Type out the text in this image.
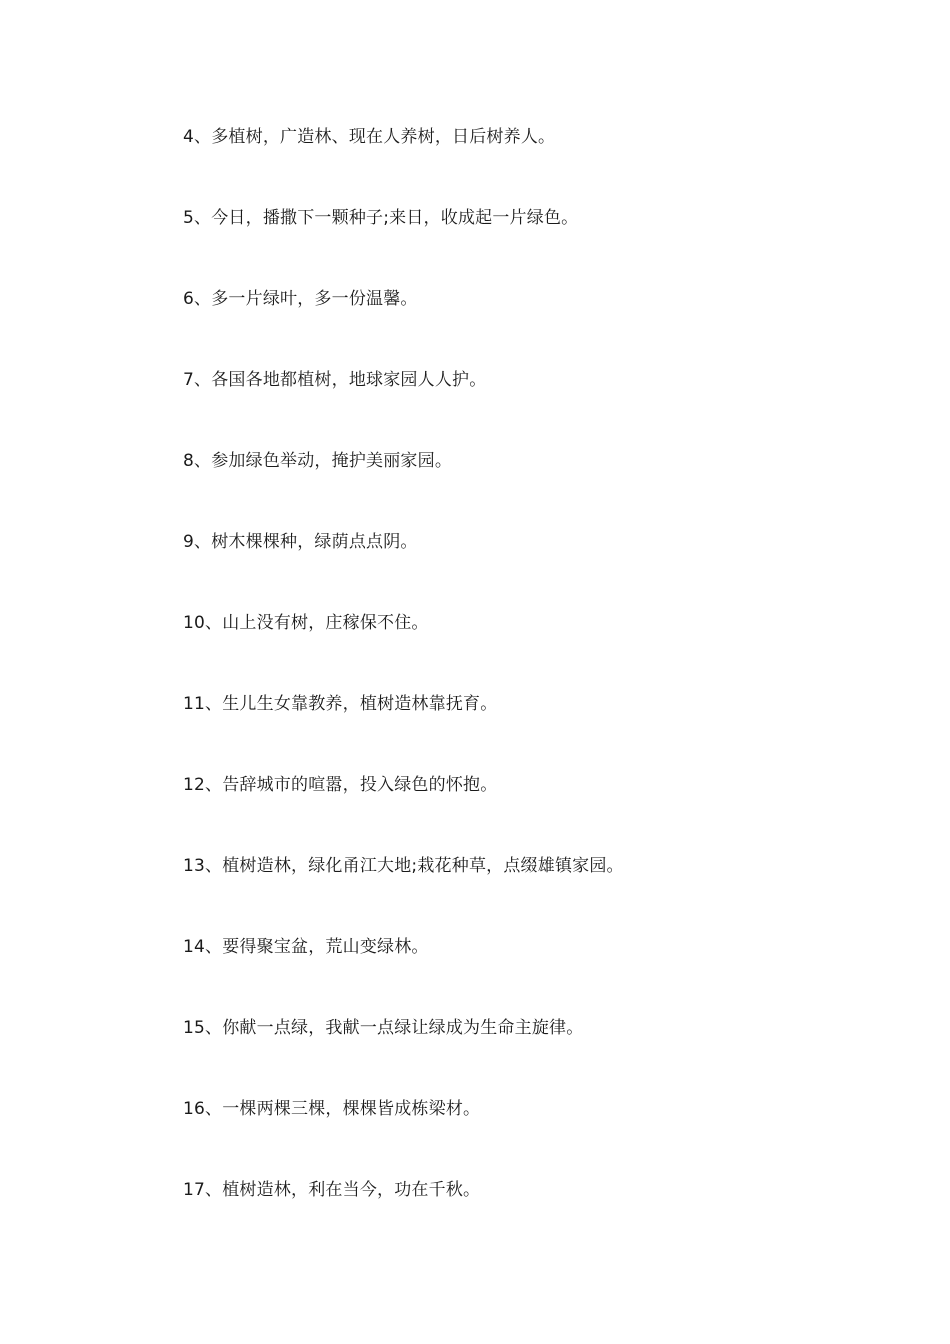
4、多植树，广造林、现在人养树，日后树养人。
5、今日，播撒下一颗种子;来日，收成起一片绿色。
6、多一片绿叶，多一份温馨。
7、各国各地都植树，地球家园人人护。
8、参加绿色举动，掩护美丽家园。
9、树木棵棵种，绿荫点点阴。
10、山上没有树，庄稼保不住。
11、生儿生女靠教养，植树造林靠抚育。
12、告辞城市的喧嚣，投入绿色的怀抱。
13、植树造林，绿化甬江大地;栽花种草，点缀雄镇家园。
14、要得聚宝盆，荒山变绿林。
15、你献一点绿，我献一点绿让绿成为生命主旋律。
16、一棵两棵三棵，棵棵皆成栋梁材。
17、植树造林，利在当今，功在千秋。
